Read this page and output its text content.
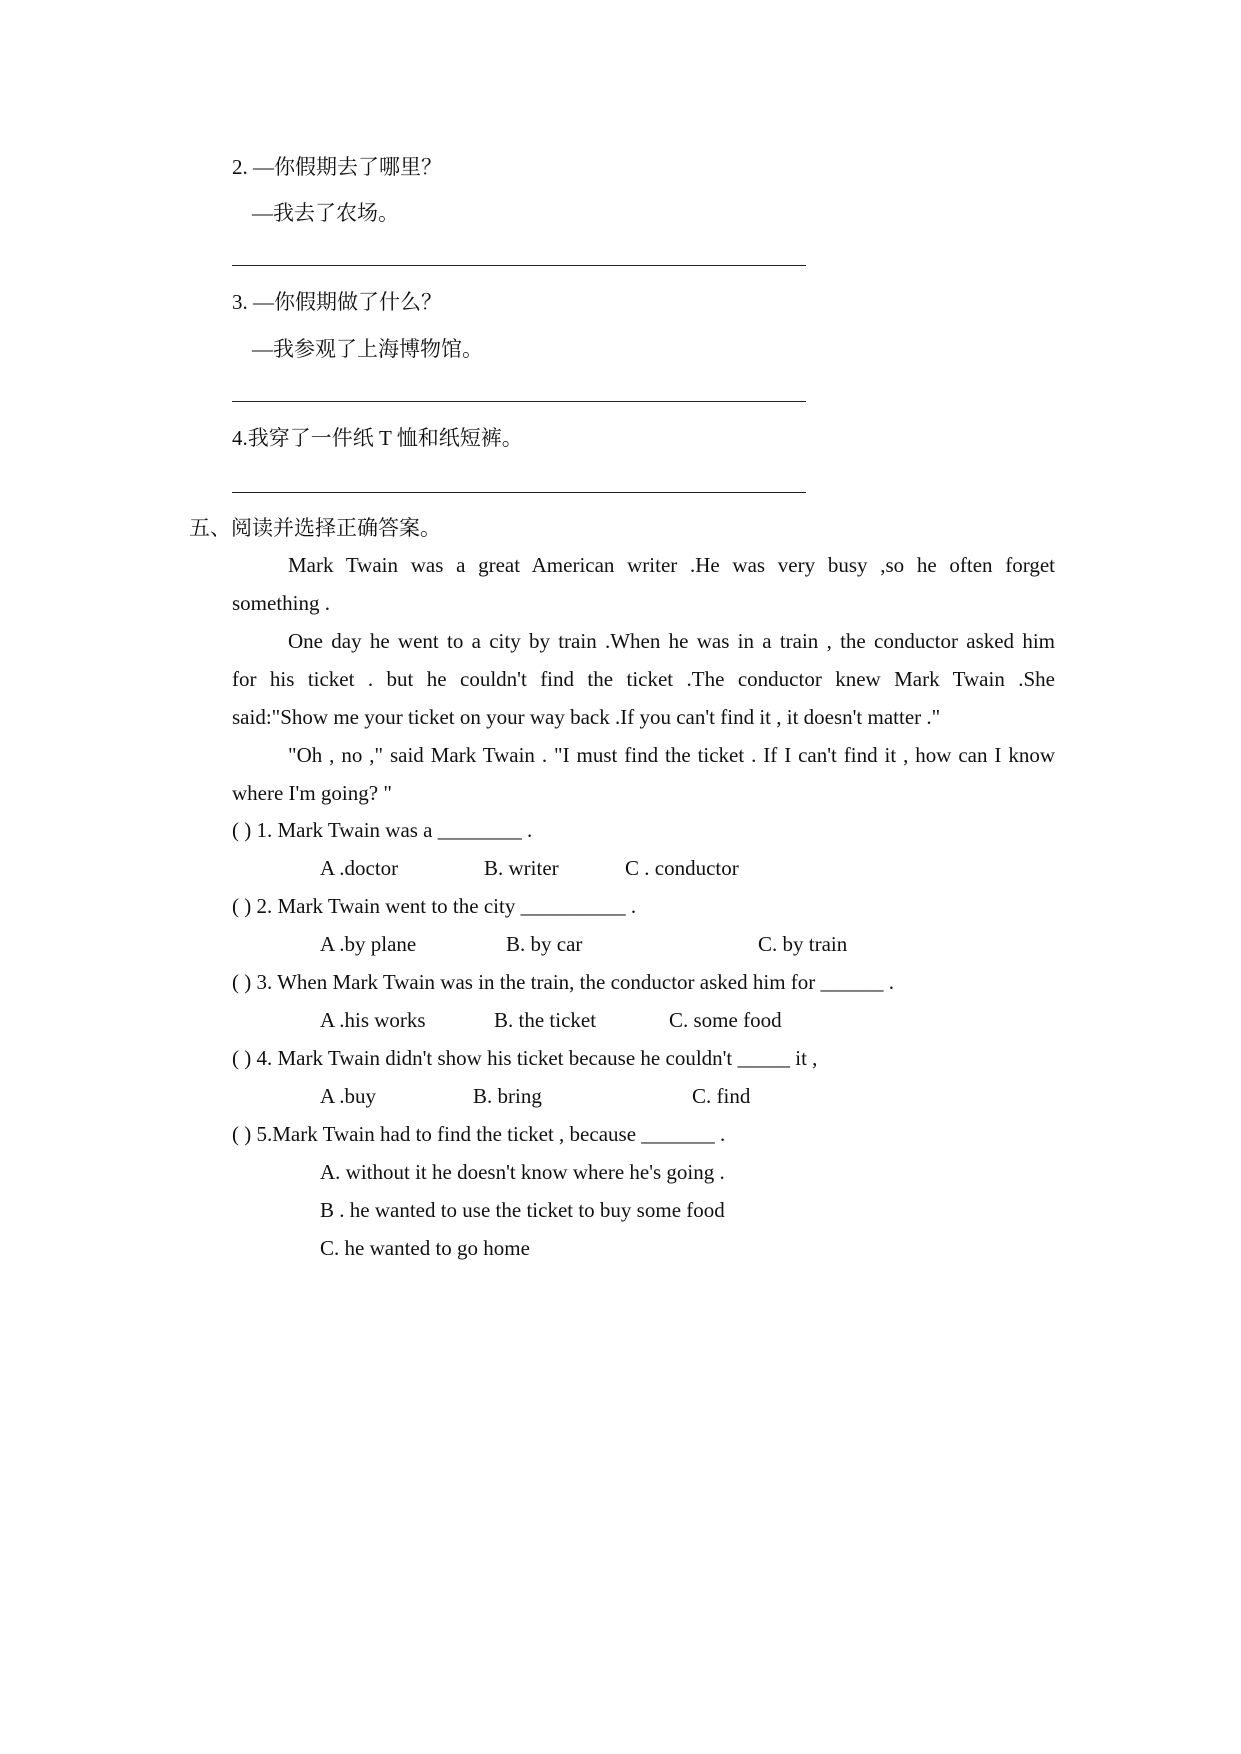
2. —你假期去了哪里？
—我去了农场。
3. —你假期做了什么？
—我参观了上海博物馆。
4.我穿了一件纸 T 恤和纸短裤。
五、阅读并选择正确答案。
Mark Twain was a great American writer .He was very busy ,so he often forget
something .
One day he went to a city by train .When he was in a train , the conductor asked him
for his ticket . but he couldn't find the ticket .The conductor knew Mark Twain .She
said:"Show me your ticket on your way back .If you can't find it , it doesn't matter ."
"Oh , no ," said Mark Twain . "I must find the ticket . If I can't find it , how can I know
where I'm going? "
( ) 1. Mark Twain was a ________ .
A .doctor	B. writer	C . conductor
( ) 2. Mark Twain went to the city __________ .
A .by plane	B. by car	C. by train
( ) 3. When Mark Twain was in the train, the conductor asked him for ______ .
A .his works	B. the ticket	C. some food
( ) 4. Mark Twain didn't show his ticket because he couldn't _____ it ,
A .buy	B. bring	C. find
( ) 5.Mark Twain had to find the ticket , because _______ .
A. without it he doesn't know where he's going .
B . he wanted to use the ticket to buy some food
C. he wanted to go home
